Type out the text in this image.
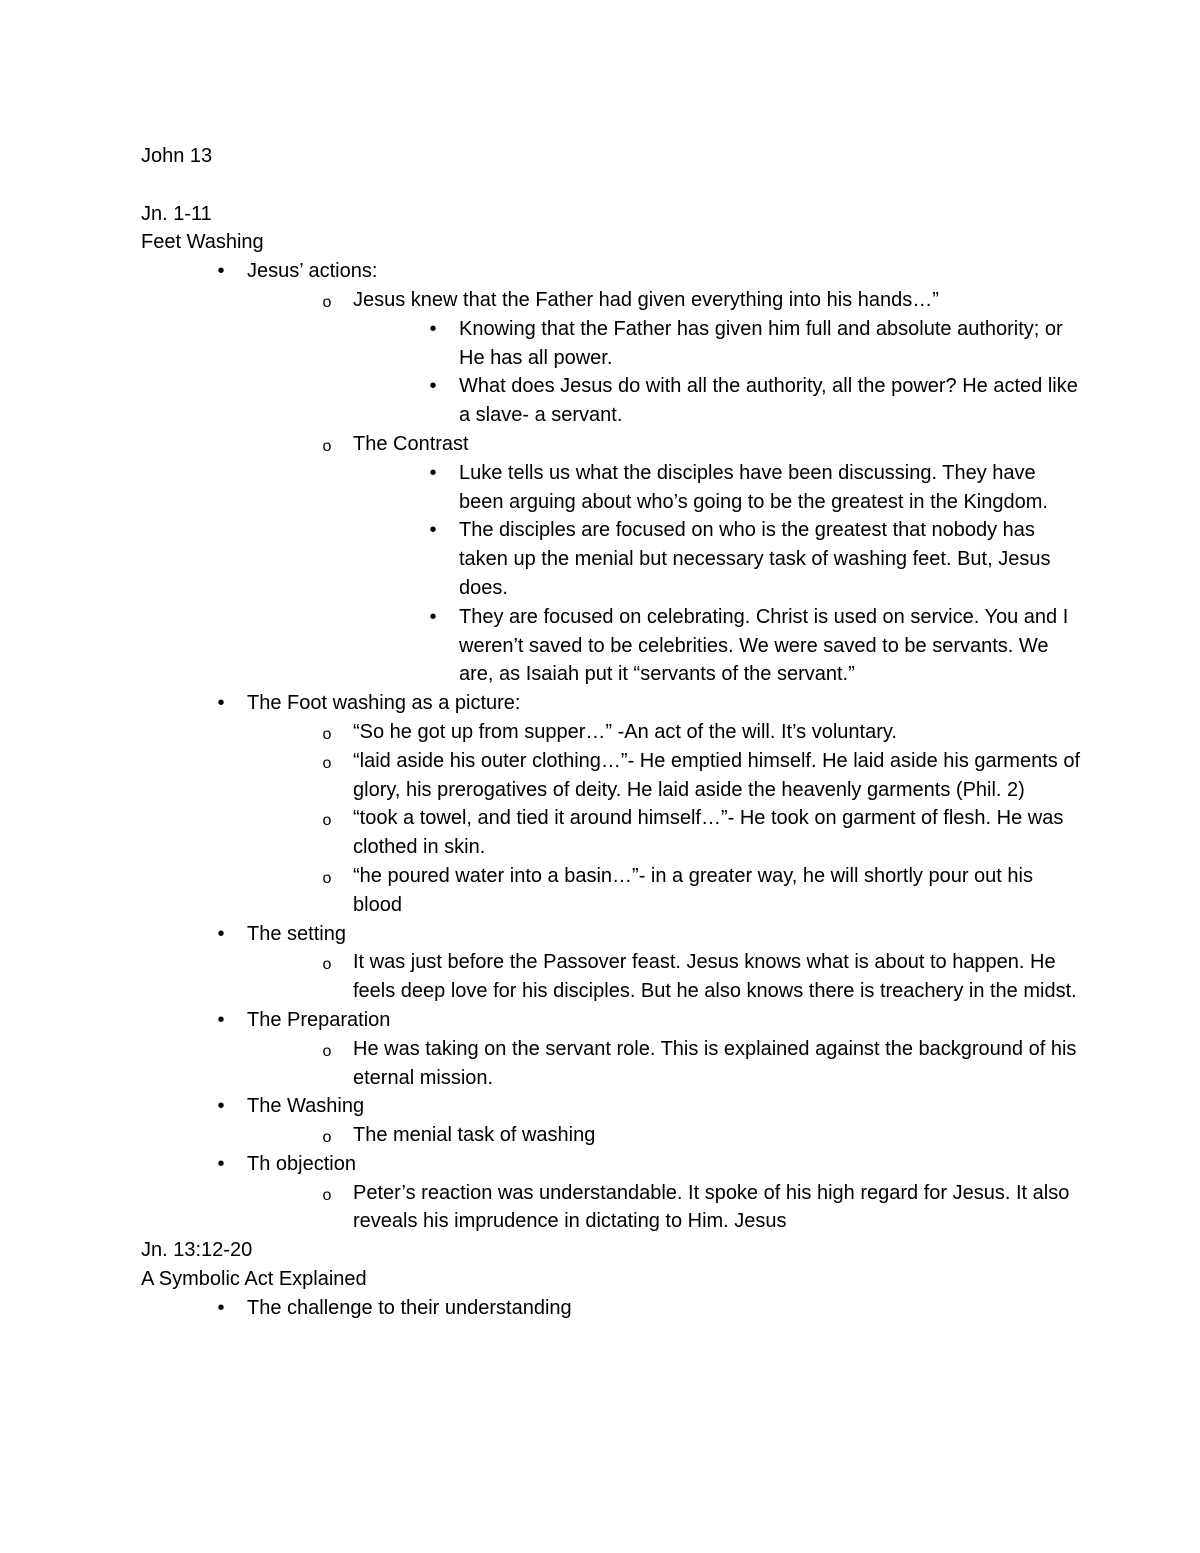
John 13

Jn. 1-11

Feet Washing

•	Jesus’ actions:
o Jesus knew that the Father had given everything into his hands…”
•	Knowing that the Father has given him full and absolute authority; or He has all power.
•	What does Jesus do with all the authority, all the power? He acted like a slave- a servant.
o The Contrast
•	Luke tells us what the disciples have been discussing. They have been arguing about who’s going to be the greatest in the Kingdom.
•	The disciples are focused on who is the greatest that nobody has taken up the menial but necessary task of washing feet. But, Jesus does.
•	They are focused on celebrating. Christ is used on service. You and I weren’t saved to be celebrities. We were saved to be servants. We are, as Isaiah put it “servants of the servant.”
•	The Foot washing as a picture:
o “So he got up from supper…” -An act of the will. It’s voluntary.
o “laid aside his outer clothing…”- He emptied himself. He laid aside his garments of glory, his prerogatives of deity. He laid aside the heavenly garments (Phil. 2)
o “took a towel, and tied it around himself…”- He took on garment of flesh. He was clothed in skin.
o “he poured water into a basin…”- in a greater way, he will shortly pour out his blood
•	The setting
o It was just before the Passover feast. Jesus knows what is about to happen. He feels deep love for his disciples. But he also knows there is treachery in the midst.
•	The Preparation
o He was taking on the servant role. This is explained against the background of his eternal mission.
•	The Washing
o The menial task of washing
•	Th objection
o Peter’s reaction was understandable. It spoke of his high regard for Jesus. It also reveals his imprudence in dictating to Him. Jesus

Jn. 13:12-20

A Symbolic Act Explained

•	The challenge to their understanding
